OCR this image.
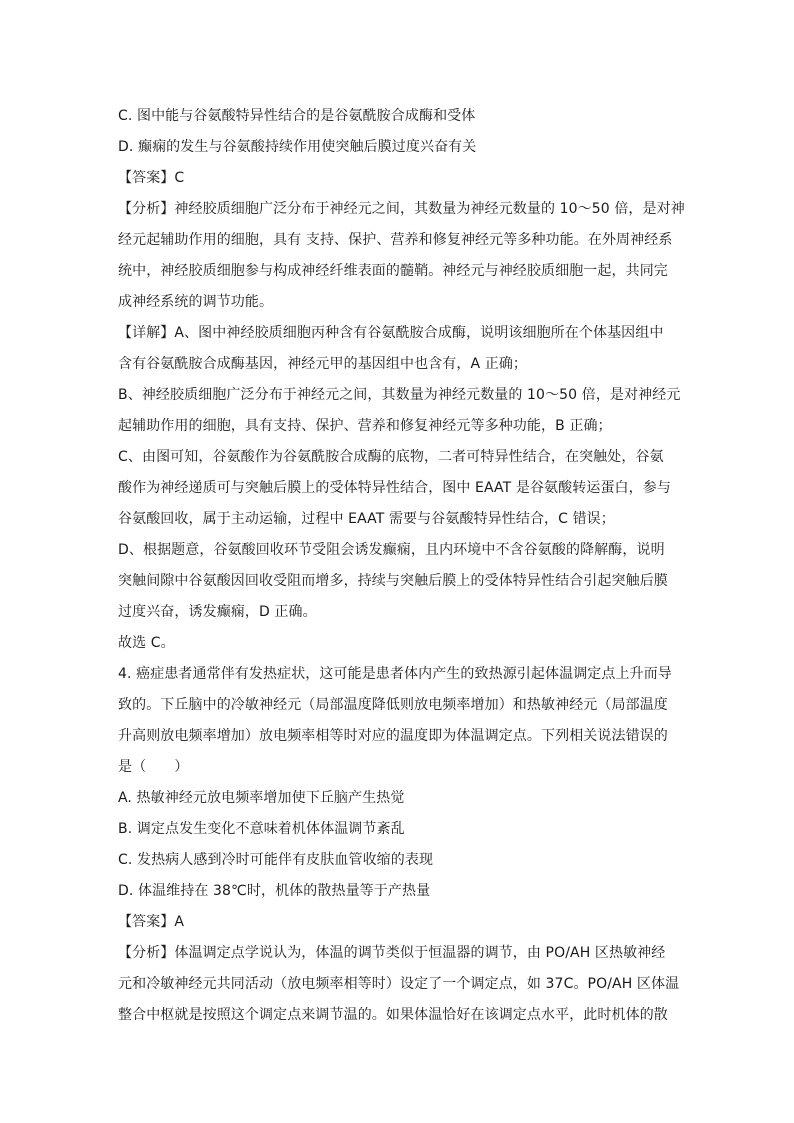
C. 图中能与谷氨酸特异性结合的是谷氨酰胺合成酶和受体
D. 癫痫的发生与谷氨酸持续作用使突触后膜过度兴奋有关
【答案】C
【分析】神经胶质细胞广泛分布于神经元之间，其数量为神经元数量的 10～50 倍，是对神
经元起辅助作用的细胞，具有 支持、保护、营养和修复神经元等多种功能。在外周神经系
统中，神经胶质细胞参与构成神经纤维表面的髓鞘。神经元与神经胶质细胞一起，共同完
成神经系统的调节功能。
【详解】A、图中神经胶质细胞丙种含有谷氨酰胺合成酶，说明该细胞所在个体基因组中
含有谷氨酰胺合成酶基因，神经元甲的基因组中也含有，A 正确；
B、神经胶质细胞广泛分布于神经元之间，其数量为神经元数量的 10～50 倍，是对神经元
起辅助作用的细胞，具有支持、保护、营养和修复神经元等多种功能，B 正确；
C、由图可知，谷氨酸作为谷氨酰胺合成酶的底物，二者可特异性结合，在突触处，谷氨
酸作为神经递质可与突触后膜上的受体特异性结合，图中 EAAT 是谷氨酸转运蛋白，参与
谷氨酸回收，属于主动运输，过程中 EAAT 需要与谷氨酸特异性结合，C 错误；
D、根据题意，谷氨酸回收环节受阻会诱发癫痫，且内环境中不含谷氨酸的降解酶，说明
突触间隙中谷氨酸因回收受阻而增多，持续与突触后膜上的受体特异性结合引起突触后膜
过度兴奋，诱发癫痫，D 正确。
故选 C。
4. 癌症患者通常伴有发热症状，这可能是患者体内产生的致热源引起体温调定点上升而导
致的。下丘脑中的冷敏神经元（局部温度降低则放电频率增加）和热敏神经元（局部温度
升高则放电频率增加）放电频率相等时对应的温度即为体温调定点。下列相关说法错误的
是（　　）
A. 热敏神经元放电频率增加使下丘脑产生热觉
B. 调定点发生变化不意味着机体体温调节紊乱
C. 发热病人感到冷时可能伴有皮肤血管收缩的表现
D. 体温维持在 38℃时，机体的散热量等于产热量
【答案】A
【分析】体温调定点学说认为，体温的调节类似于恒温器的调节，由 PO/AH 区热敏神经
元和冷敏神经元共同活动（放电频率相等时）设定了一个调定点，如 37C。PO/AH 区体温
整合中枢就是按照这个调定点来调节温的。如果体温恰好在该调定点水平，此时机体的散
